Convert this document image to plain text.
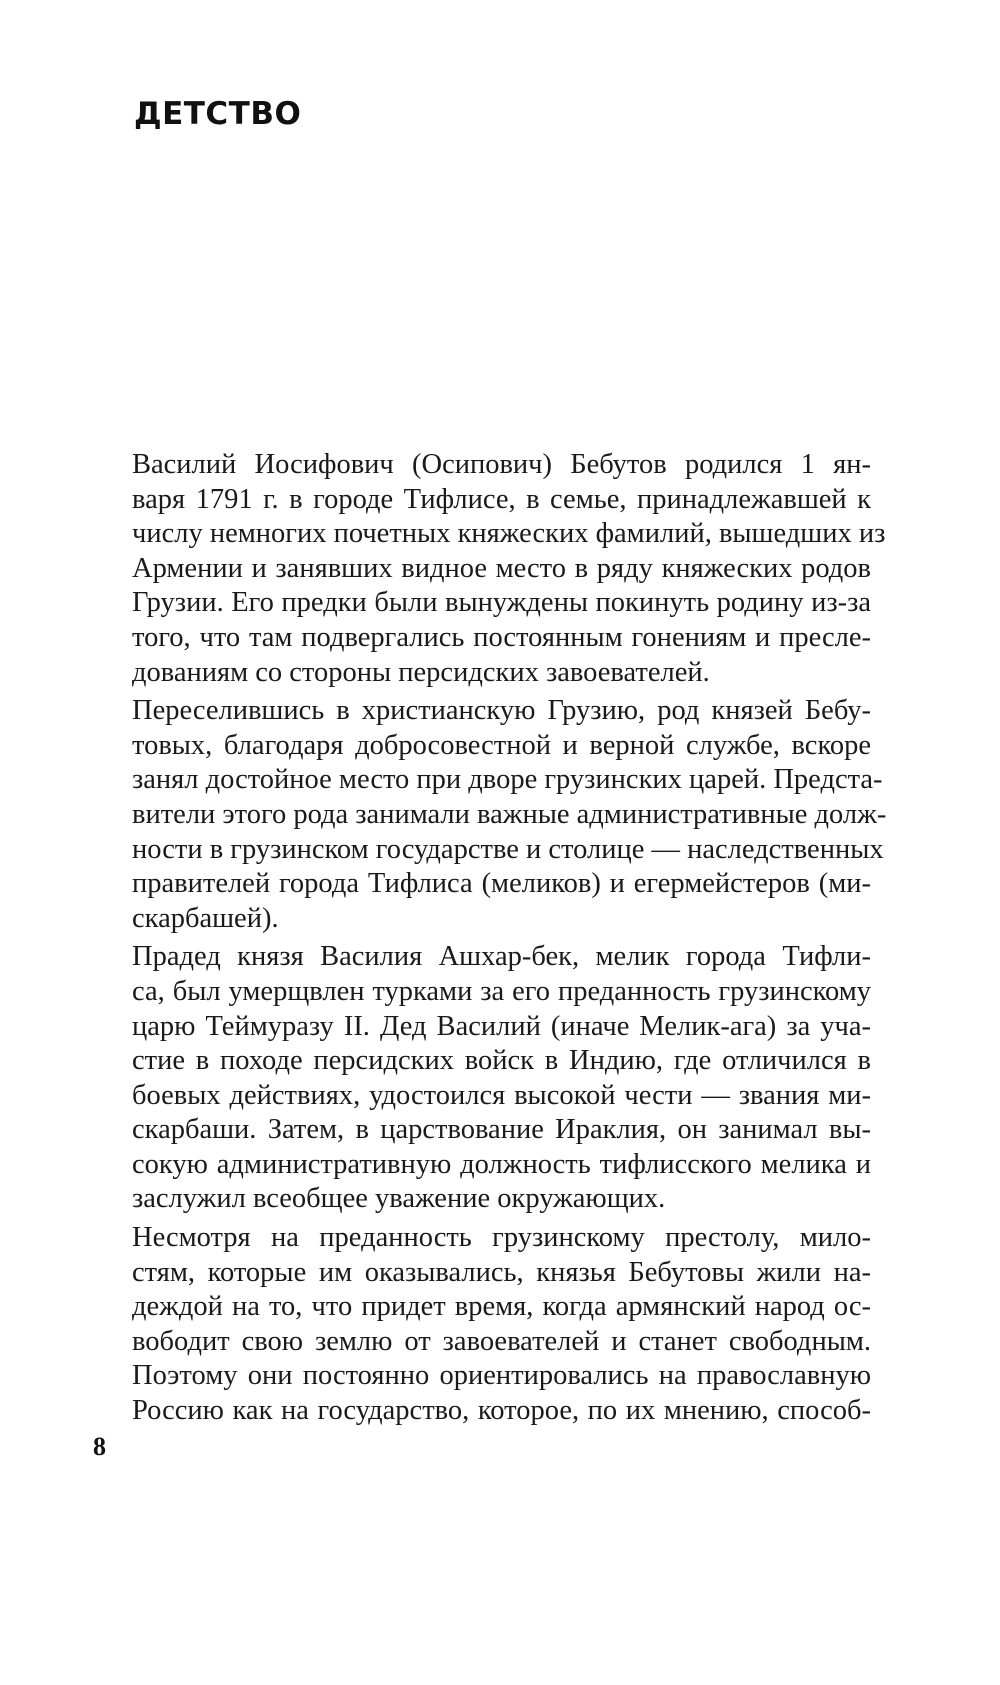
ДЕТСТВО

Василий Иосифович (Осипович) Бебутов родился 1 ян-
варя 1791 г. в городе Тифлисе, в семье, принадлежавшей к
числу немногих почетных княжеских фамилий, вышедших из
Армении и занявших видное место в ряду княжеских родов
Грузии. Его предки были вынуждены покинуть родину из-за
того, что там подвергались постоянным гонениям и пресле-
дованиям со стороны персидских завоевателей.

Переселившись в христианскую Грузию, род князей Бебу-
товых, благодаря добросовестной и верной службе, вскоре
занял достойное место при дворе грузинских царей. Предста-
вители этого рода занимали важные административные долж-
ности в грузинском государстве и столице — наследственных
правителей города Тифлиса (меликов) и егермейстеров (ми-
скарбашей).

Прадед князя Василия Ашхар-бек, мелик города Тифли-
са, был умерщвлен турками за его преданность грузинскому
царю Теймуразу II. Дед Василий (иначе Мелик-ага) за уча-
стие в походе персидских войск в Индию, где отличился в
боевых действиях, удостоился высокой чести — звания ми-
скарбаши. Затем, в царствование Ираклия, он занимал вы-
сокую административную должность тифлисского мелика и
заслужил всеобщее уважение окружающих.

Несмотря на преданность грузинскому престолу, мило-
стям, которые им оказывались, князья Бебутовы жили на-
деждой на то, что придет время, когда армянский народ ос-
вободит свою землю от завоевателей и станет свободным.
Поэтому они постоянно ориентировались на православную
Россию как на государство, которое, по их мнению, способ-

8
